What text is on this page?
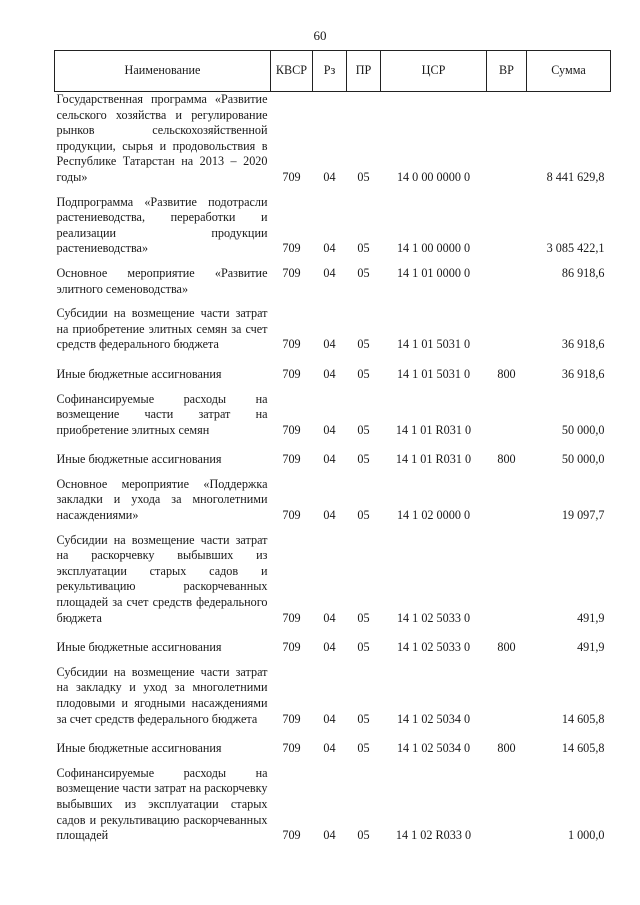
60
Наименование	КВСР	Рз	ПР	ЦСР	ВР	Сумма
Государственная программа «Развитие сельского хозяйства и регулирование рынков сельскохозяйственной продукции, сырья и продовольствия в Республике Татарстан на 2013 – 2020 годы»	709	04	05	14 0 00 0000 0		8 441 629,8
Подпрограмма «Развитие подотрасли растениеводства, переработки и реализации продукции растениеводства»	709	04	05	14 1 00 0000 0		3 085 422,1
Основное мероприятие «Развитие элитного семеноводства»	709	04	05	14 1 01 0000 0		86 918,6
Субсидии на возмещение части затрат на приобретение элитных семян за счет средств федерального бюджета	709	04	05	14 1 01 5031 0		36 918,6
Иные бюджетные ассигнования	709	04	05	14 1 01 5031 0	800	36 918,6
Софинансируемые расходы на возмещение части затрат на приобретение элитных семян	709	04	05	14 1 01 R031 0		50 000,0
Иные бюджетные ассигнования	709	04	05	14 1 01 R031 0	800	50 000,0
Основное мероприятие «Поддержка закладки и ухода за многолетними насаждениями»	709	04	05	14 1 02 0000 0		19 097,7
Субсидии на возмещение части затрат на раскорчевку выбывших из эксплуатации старых садов и рекультивацию раскорчеванных площадей за счет средств федерального бюджета	709	04	05	14 1 02 5033 0		491,9
Иные бюджетные ассигнования	709	04	05	14 1 02 5033 0	800	491,9
Субсидии на возмещение части затрат на закладку и уход за многолетними плодовыми и ягодными насаждениями за счет средств федерального бюджета	709	04	05	14 1 02 5034 0		14 605,8
Иные бюджетные ассигнования	709	04	05	14 1 02 5034 0	800	14 605,8
Софинансируемые расходы на возмещение части затрат на раскорчевку выбывших из эксплуатации старых садов и рекультивацию раскорчеванных площадей	709	04	05	14 1 02 R033 0		1 000,0
